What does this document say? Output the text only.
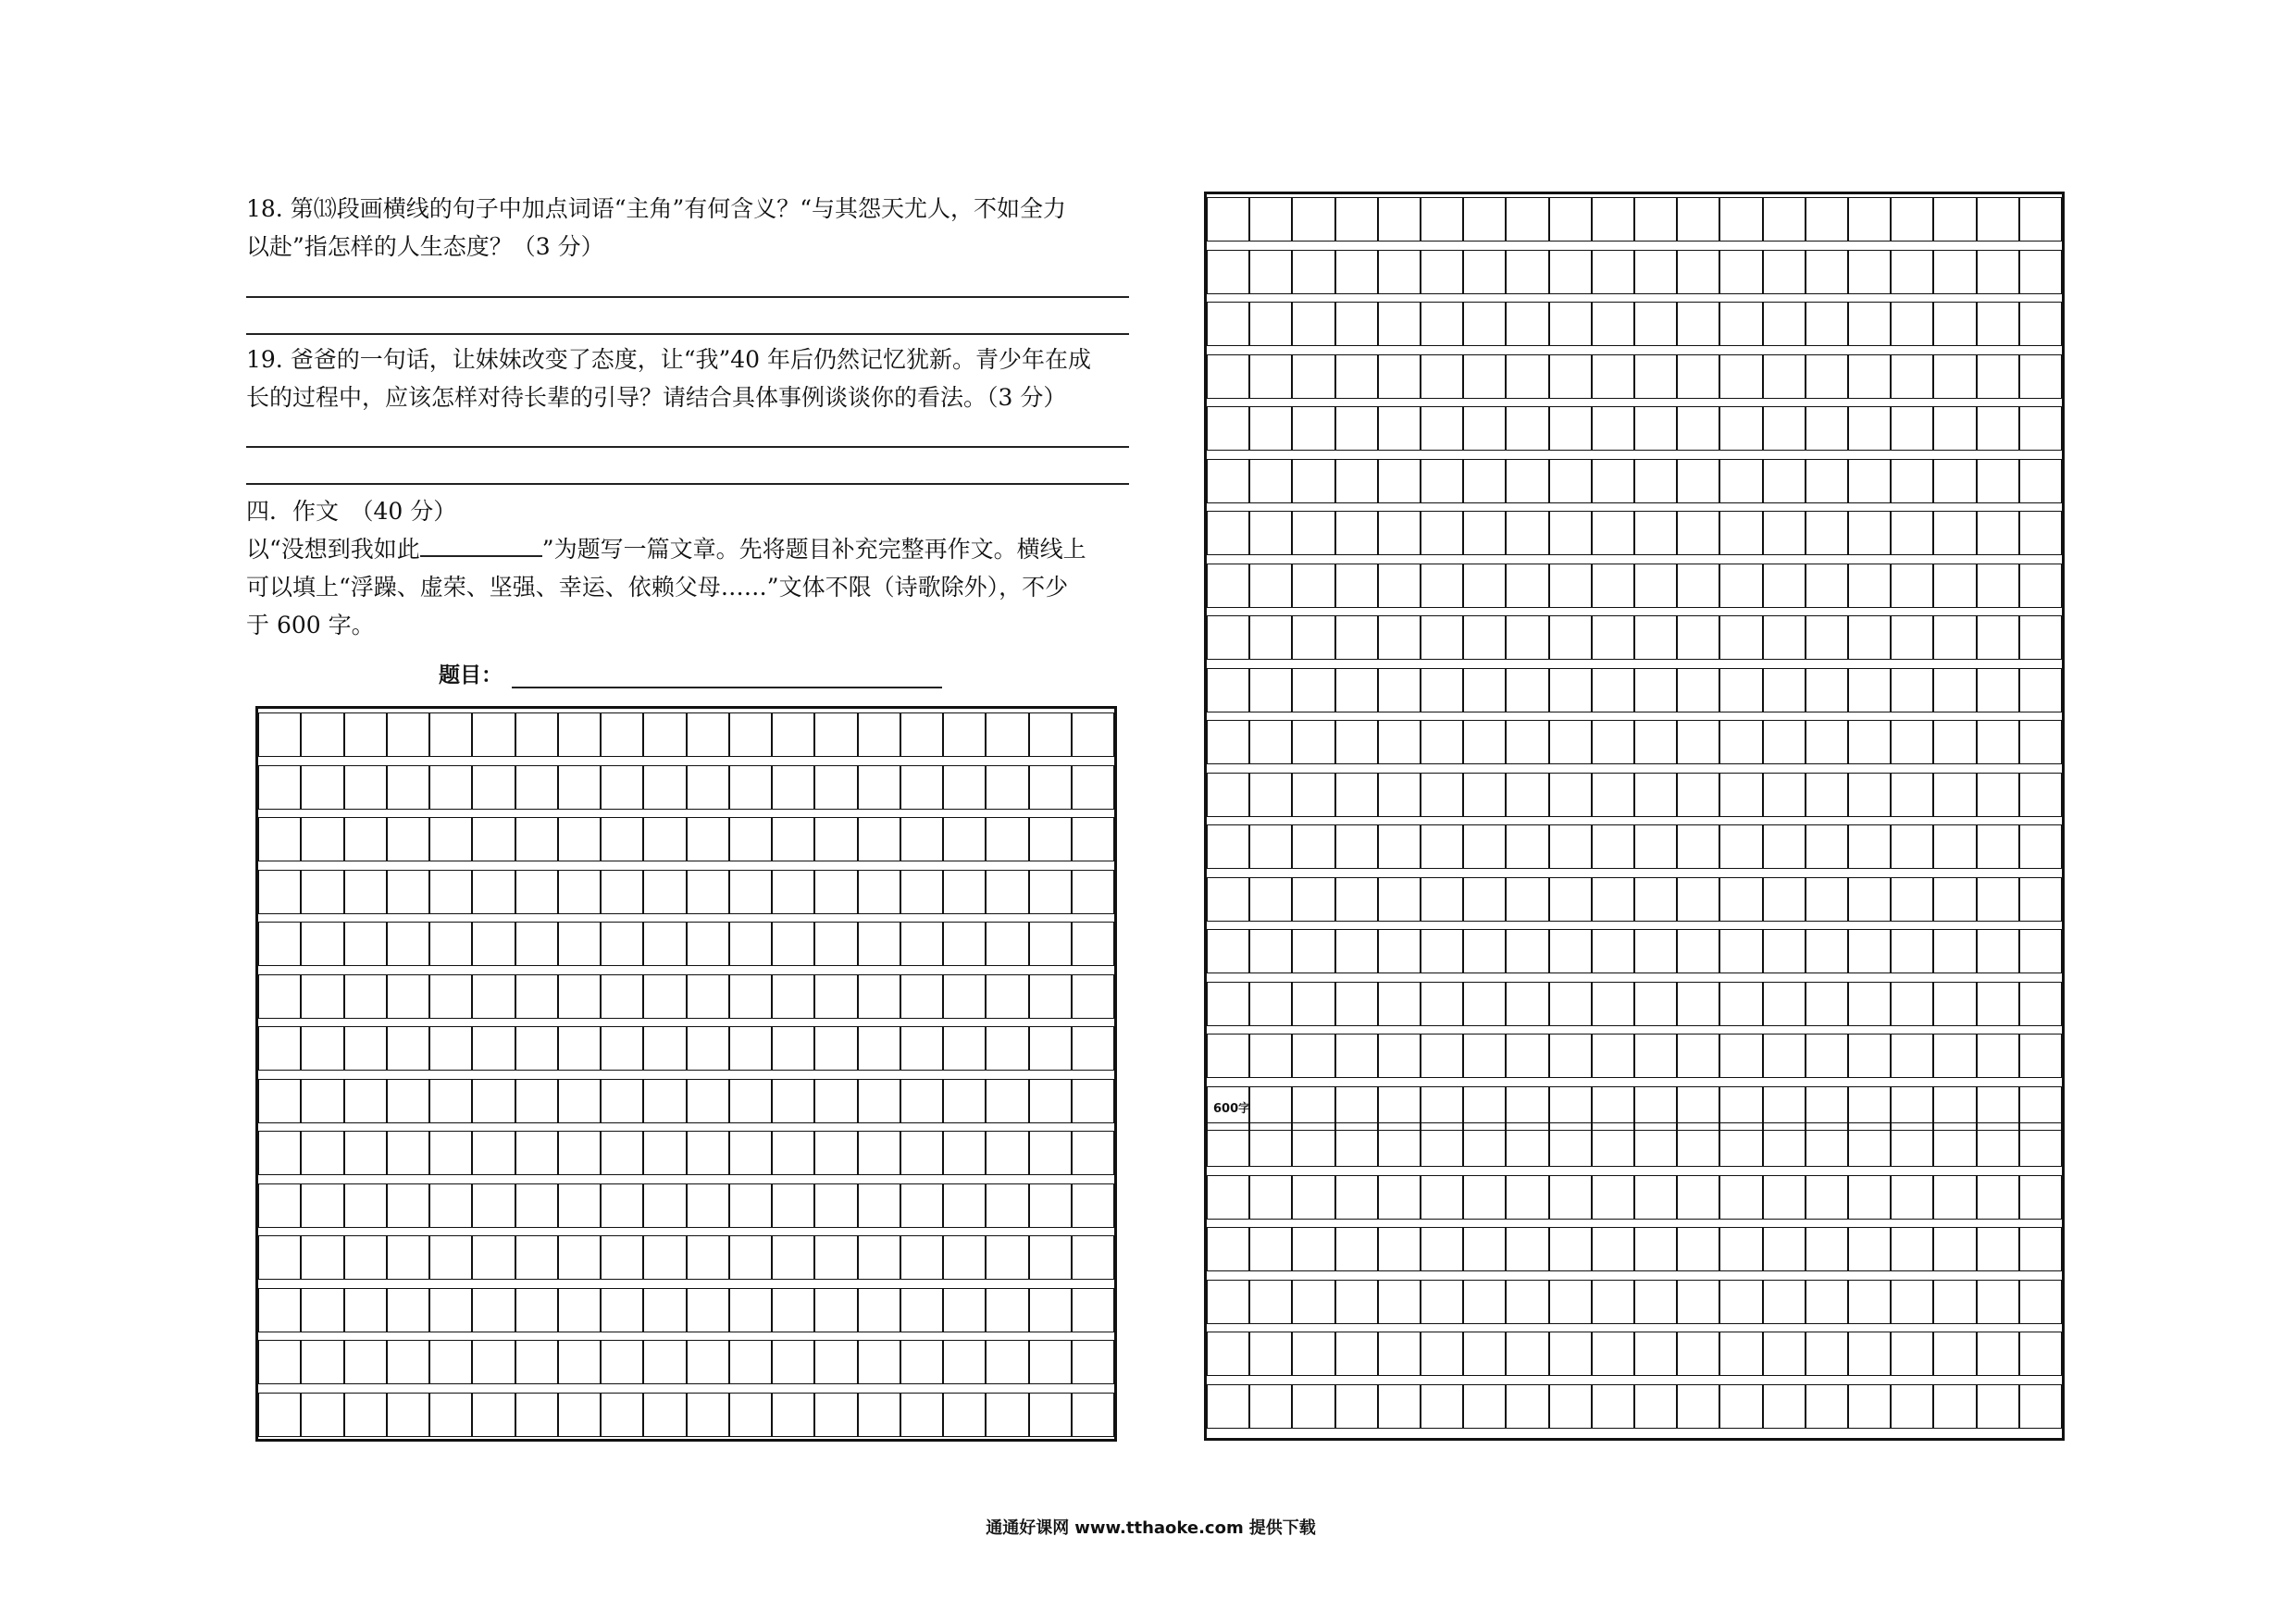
18. 第⒀段画横线的句子中加点词语“主角”有何含义？“与其怨天尤人，不如全力
以赴”指怎样的人生态度？（3 分）

19. 爸爸的一句话，让妹妹改变了态度，让“我”40 年后仍然记忆犹新。青少年在成
长的过程中，应该怎样对待长辈的引导？请结合具体事例谈谈你的看法。（3 分）

四．作文　（40 分）

以“没想到我如此	”为题写一篇文章。先将题目补充完整再作文。横线上
可以填上“浮躁、虚荣、坚强、幸运、依赖父母……”文体不限（诗歌除外），不少
于 600 字。

题目：
600字
通通好课网 www.tthaoke.com 提供下载
